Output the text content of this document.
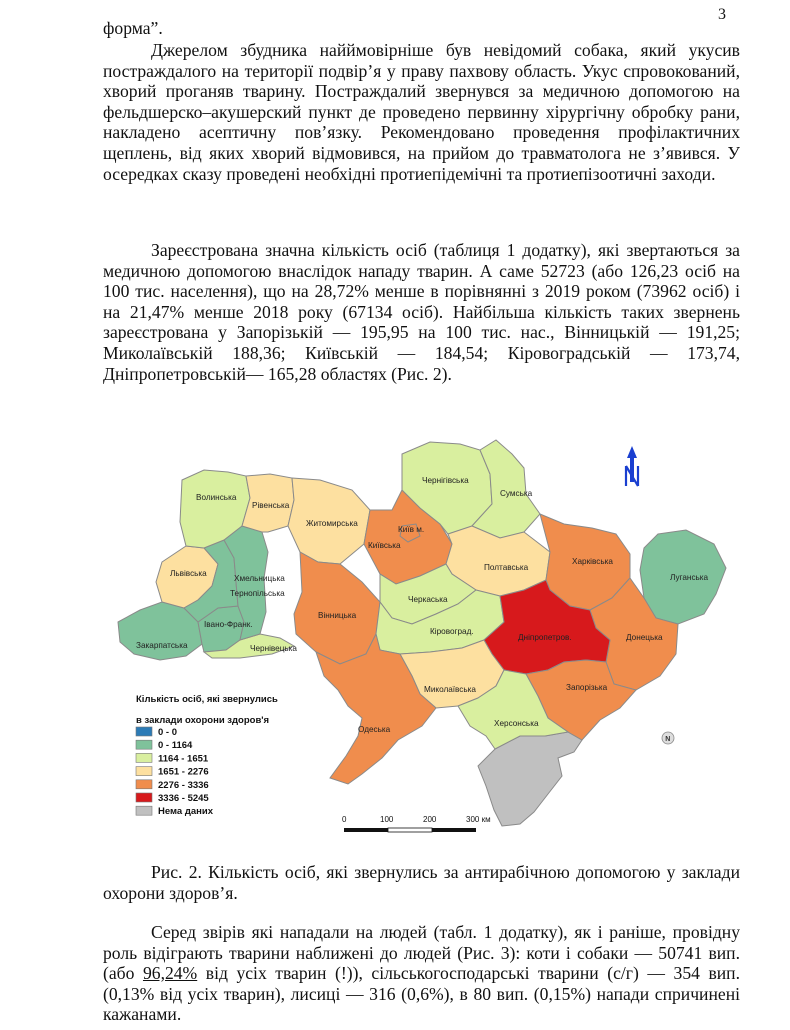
3
форма”.
Джерелом збудника найймовірніше був невідомий собака, який укусив постраждалого на території подвір’я у праву пахвову область. Укус спровокований, хворий проганяв тварину. Постраждалий звернувся за медичною допомогою на фельдшерско–акушерский пункт де проведено первинну хірургічну обробку рани, накладено асептичну пов’язку. Рекомендовано проведення профілактичних щеплень, від яких хворий відмовився, на прийом до травматолога не з’явився. У осередках сказу проведені необхідні протиепідемічні та протиепізоотичні заходи.
Зареєстрована значна кількість осіб (таблиця 1 додатку), які звертаються за медичною допомогою внаслідок нападу тварин. А саме 52723 (або 126,23 осіб на 100 тис. населення), що на 28,72% менше в порівнянні з 2019 роком (73962 осіб) і на 21,47% менше 2018 року (67134 осіб). Найбільша кількість таких звернень зареєстрована у Запорізькій — 195,95 на 100 тис. нас., Вінницькій — 191,25; Миколаївській 188,36; Київській — 184,54; Кіровоградській — 173,74, Дніпропетровській— 165,28 областях (Рис. 2).
Волинська
Рівенська
Житомирська
Чернігівська
Сумська
Київ м.
Київська
Львівська
Хмельницька
Тернопільська
Полтавська
Харківська
Луганська
Закарпатська
Івано-Франк.
Чернівецька
Вінницька
Черкаська
Кіровоград.
Дніпропетров.	Донецька
Миколаївська	Запорізька
Одеська
Херсонська
N
Кількість осіб, які звернулись
в заклади охорони здоров'я
0 - 0
0 - 1164
1164 - 1651
1651 - 2276
2276 - 3336
3336 - 5245
Нема даних
0	100	200	300 км
Рис. 2. Кількість осіб, які звернулись за антирабічною допомогою у заклади охорони здоров’я.
Серед звірів які нападали на людей (табл. 1 додатку), як і раніше, провідну роль відіграють тварини наближені до людей (Рис. 3): коти і собаки — 50741 вип. (або 96,24% від усіх тварин (!)), сільськогосподарські тварини (с/г) — 354 вип. (0,13% від усіх тварин), лисиці — 316 (0,6%), в 80 вип. (0,15%) напади спричинені кажанами.
